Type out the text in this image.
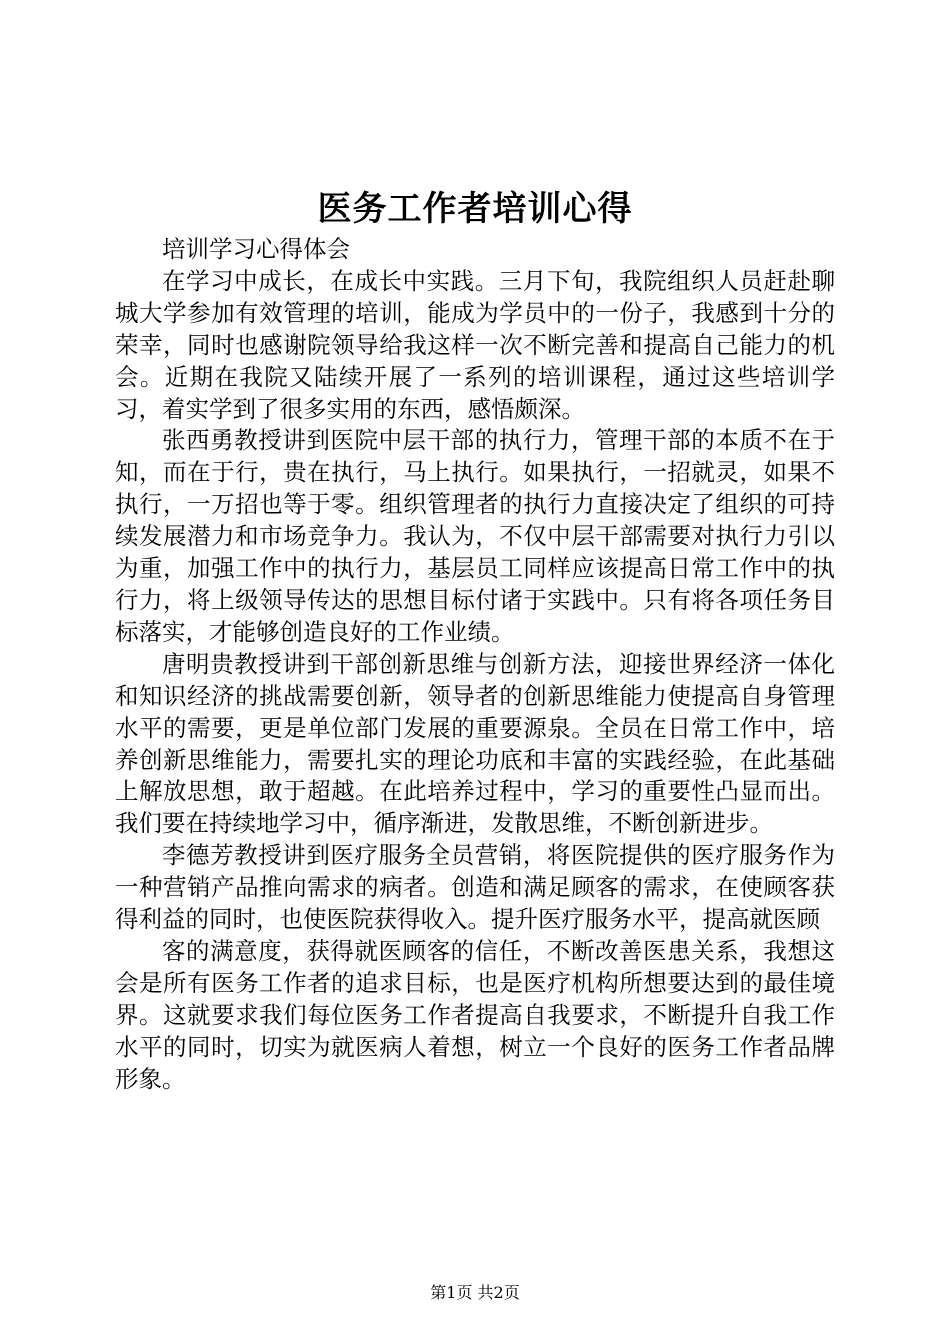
医务工作者培训心得

培训学习心得体会

在学习中成长，在成长中实践。三月下旬，我院组织人员赶赴聊城大学参加有效管理的培训，能成为学员中的一份子，我感到十分的荣幸，同时也感谢院领导给我这样一次不断完善和提高自己能力的机会。近期在我院又陆续开展了一系列的培训课程，通过这些培训学习，着实学到了很多实用的东西，感悟颇深。

张西勇教授讲到医院中层干部的执行力，管理干部的本质不在于知，而在于行，贵在执行，马上执行。如果执行，一招就灵，如果不执行，一万招也等于零。组织管理者的执行力直接决定了组织的可持续发展潜力和市场竞争力。我认为，不仅中层干部需要对执行力引以为重，加强工作中的执行力，基层员工同样应该提高日常工作中的执行力，将上级领导传达的思想目标付诸于实践中。只有将各项任务目标落实，才能够创造良好的工作业绩。

唐明贵教授讲到干部创新思维与创新方法，迎接世界经济一体化和知识经济的挑战需要创新，领导者的创新思维能力使提高自身管理水平的需要，更是单位部门发展的重要源泉。全员在日常工作中，培养创新思维能力，需要扎实的理论功底和丰富的实践经验，在此基础上解放思想，敢于超越。在此培养过程中，学习的重要性凸显而出。我们要在持续地学习中，循序渐进，发散思维，不断创新进步。

李德芳教授讲到医疗服务全员营销，将医院提供的医疗服务作为一种营销产品推向需求的病者。创造和满足顾客的需求，在使顾客获得利益的同时，也使医院获得收入。提升医疗服务水平，提高就医顾

客的满意度，获得就医顾客的信任，不断改善医患关系，我想这会是所有医务工作者的追求目标，也是医疗机构所想要达到的最佳境界。这就要求我们每位医务工作者提高自我要求，不断提升自我工作水平的同时，切实为就医病人着想，树立一个良好的医务工作者品牌形象。

第1页 共2页
